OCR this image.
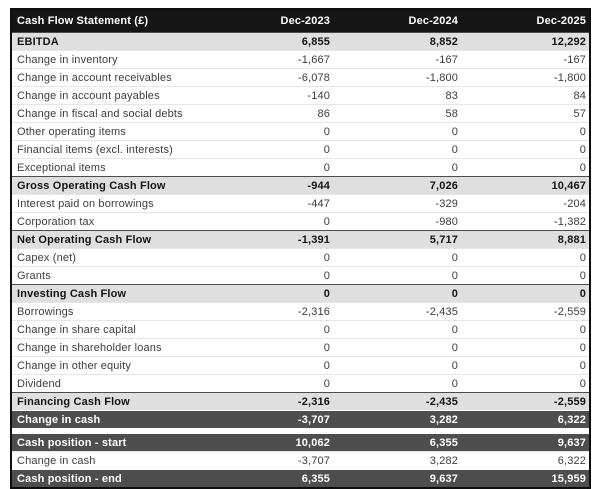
Cash Flow Statement (£)	Dec-2023	Dec-2024	Dec-2025
EBITDA	6,855	8,852	12,292
Change in inventory	-1,667	-167	-167
Change in account receivables	-6,078	-1,800	-1,800
Change in account payables	-140	83	84
Change in fiscal and social debts	86	58	57
Other operating items	0	0	0
Financial items (excl. interests)	0	0	0
Exceptional items	0	0	0
Gross Operating Cash Flow	-944	7,026	10,467
Interest paid on borrowings	-447	-329	-204
Corporation tax	0	-980	-1,382
Net Operating Cash Flow	-1,391	5,717	8,881
Capex (net)	0	0	0
Grants	0	0	0
Investing Cash Flow	0	0	0
Borrowings	-2,316	-2,435	-2,559
Change in share capital	0	0	0
Change in shareholder loans	0	0	0
Change in other equity	0	0	0
Dividend	0	0	0
Financing Cash Flow	-2,316	-2,435	-2,559
Change in cash	-3,707	3,282	6,322
Cash position - start	10,062	6,355	9,637
Change in cash	-3,707	3,282	6,322
Cash position - end	6,355	9,637	15,959
